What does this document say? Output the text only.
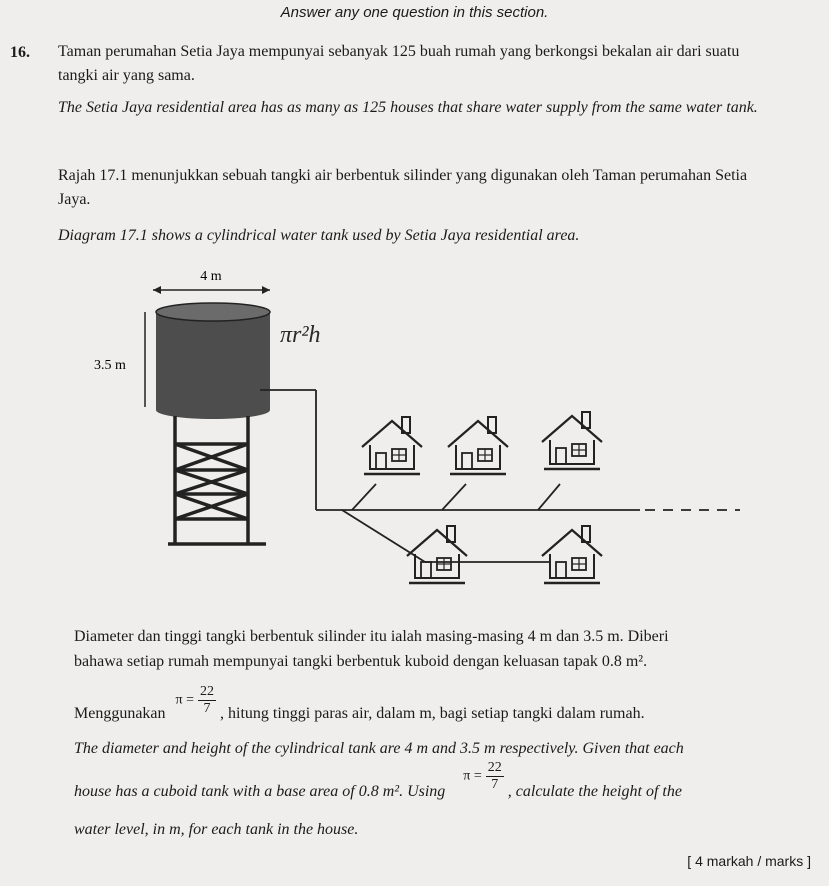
Answer any one question in this section.
16. Taman perumahan Setia Jaya mempunyai sebanyak 125 buah rumah yang berkongsi bekalan air dari suatu tangki air yang sama.
The Setia Jaya residential area has as many as 125 houses that share water supply from the same water tank.
Rajah 17.1 menunjukkan sebuah tangki air berbentuk silinder yang digunakan oleh Taman perumahan Setia Jaya.
Diagram 17.1 shows a cylindrical water tank used by Setia Jaya residential area.
4 m
3.5 m
πr²h
Diameter dan tinggi tangki berbentuk silinder itu ialah masing-masing 4 m dan 3.5 m. Diberi
bahawa setiap rumah mempunyai tangki berbentuk kuboid dengan keluasan tapak 0.8 m².
Menggunakan $\pi = \frac{22}{7}$ , hitung tinggi paras air, dalam m, bagi setiap tangki dalam rumah.
The diameter and height of the cylindrical tank are 4 m and 3.5 m respectively. Given that each
house has a cuboid tank with a base area of 0.8 m². Using $\pi = \frac{22}{7}$ , calculate the height of the
water level, in m, for each tank in the house.
[ 4 markah / marks ]
